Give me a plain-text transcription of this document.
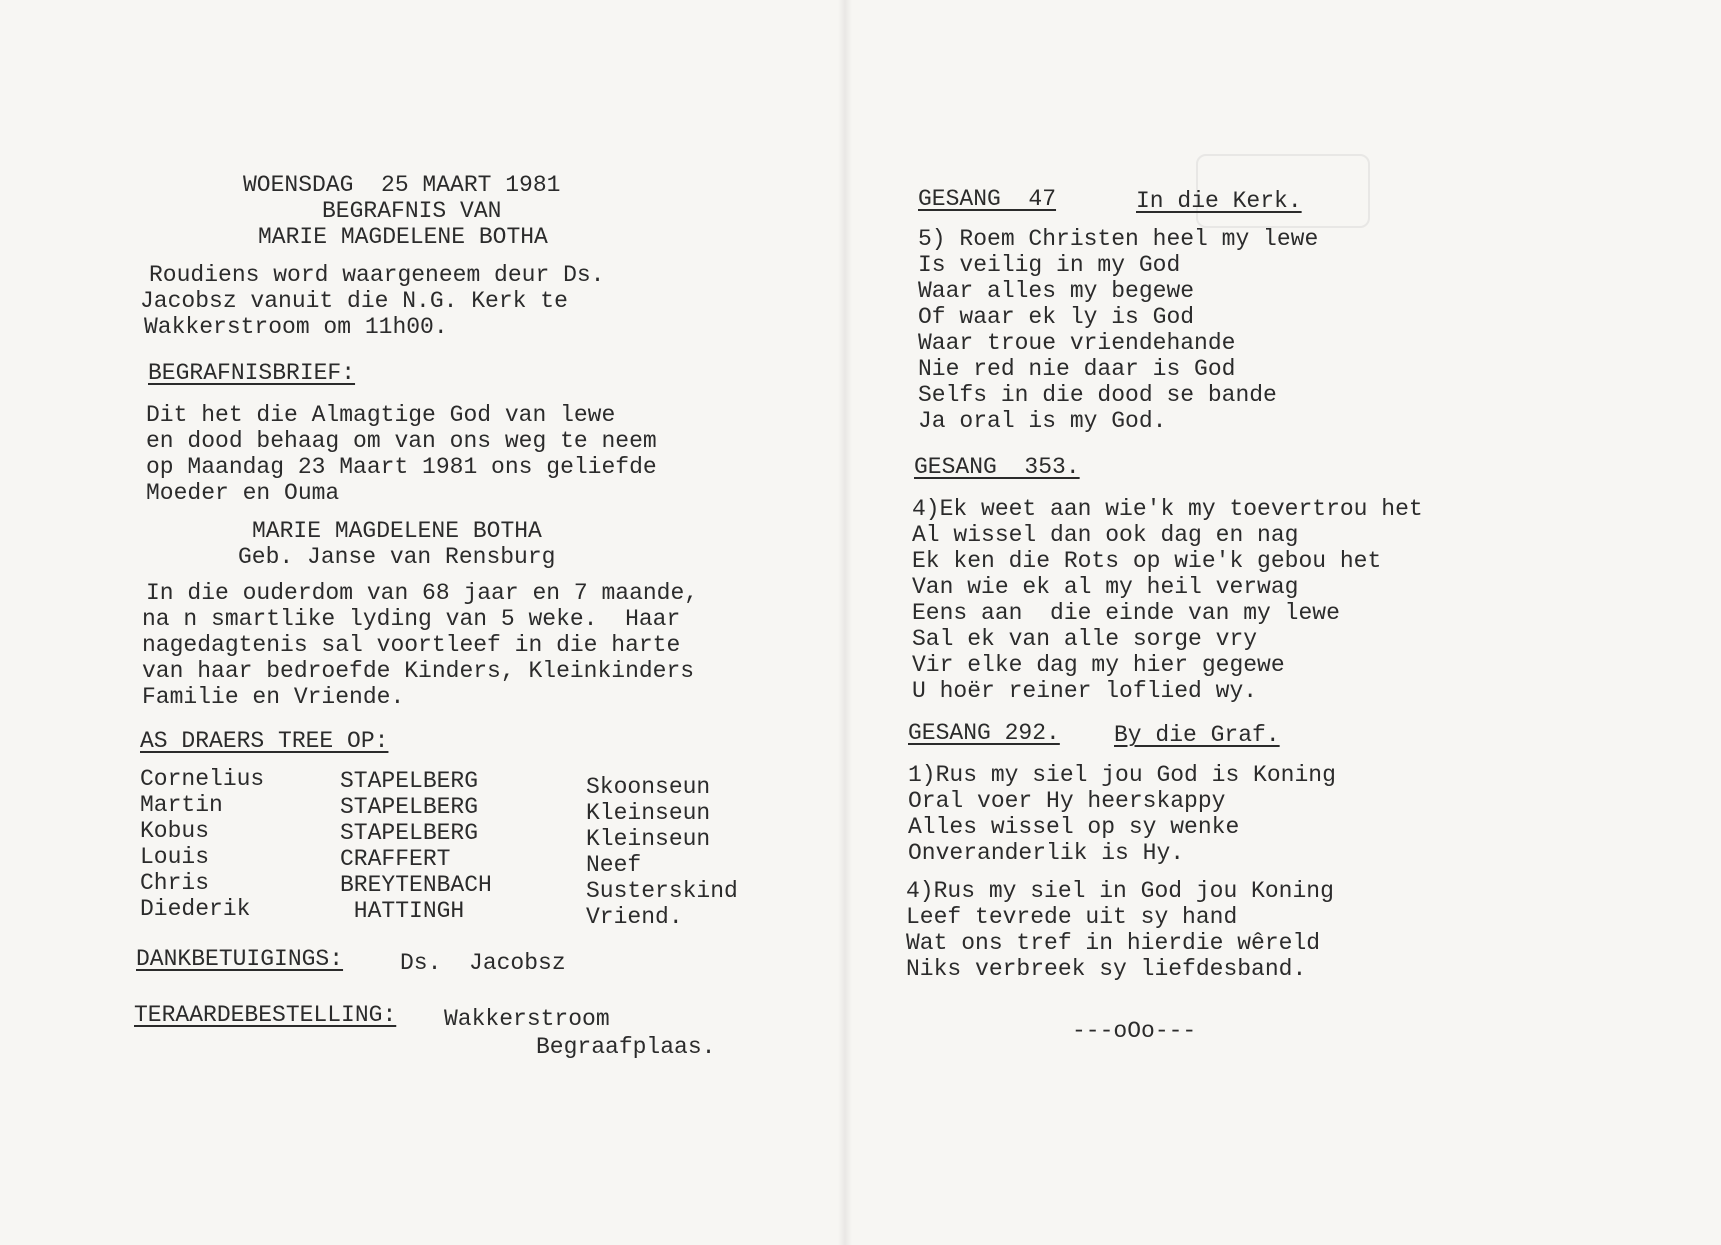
WOENSDAG  25 MAART 1981
BEGRAFNIS VAN
MARIE MAGDELENE BOTHA
Roudiens word waargeneem deur Ds.
Jacobsz vanuit die N.G. Kerk te
Wakkerstroom om 11h00.
BEGRAFNISBRIEF:
Dit het die Almagtige God van lewe
en dood behaag om van ons weg te neem
op Maandag 23 Maart 1981 ons geliefde
Moeder en Ouma
MARIE MAGDELENE BOTHA
Geb. Janse van Rensburg
In die ouderdom van 68 jaar en 7 maande,
na n smartlike lyding van 5 weke.  Haar
nagedagtenis sal voortleef in die harte
van haar bedroefde Kinders, Kleinkinders
Familie en Vriende.
AS DRAERS TREE OP:
Cornelius
Martin
Kobus
Louis
Chris
Diederik
STAPELBERG
STAPELBERG
STAPELBERG
CRAFFERT
BREYTENBACH
HATTINGH
Skoonseun
Kleinseun
Kleinseun
Neef
Susterskind
Vriend.
DANKBETUIGINGS: Ds.  Jacobsz
TERAARDEBESTELLING: Wakkerstroom
Begraafplaas.
GESANG  47	In die Kerk.
5) Roem Christen heel my lewe
Is veilig in my God
Waar alles my begewe
Of waar ek ly is God
Waar troue vriendehande
Nie red nie daar is God
Selfs in die dood se bande
Ja oral is my God.
GESANG  353.
4)Ek weet aan wie'k my toevertrou het
Al wissel dan ook dag en nag
Ek ken die Rots op wie'k gebou het
Van wie ek al my heil verwag
Eens aan  die einde van my lewe
Sal ek van alle sorge vry
Vir elke dag my hier gegewe
U hoër reiner loflied wy.
GESANG 292. By die Graf.
1)Rus my siel jou God is Koning
Oral voer Hy heerskappy
Alles wissel op sy wenke
Onveranderlik is Hy.
4)Rus my siel in God jou Koning
Leef tevrede uit sy hand
Wat ons tref in hierdie wêreld
Niks verbreek sy liefdesband.
---oOo---
